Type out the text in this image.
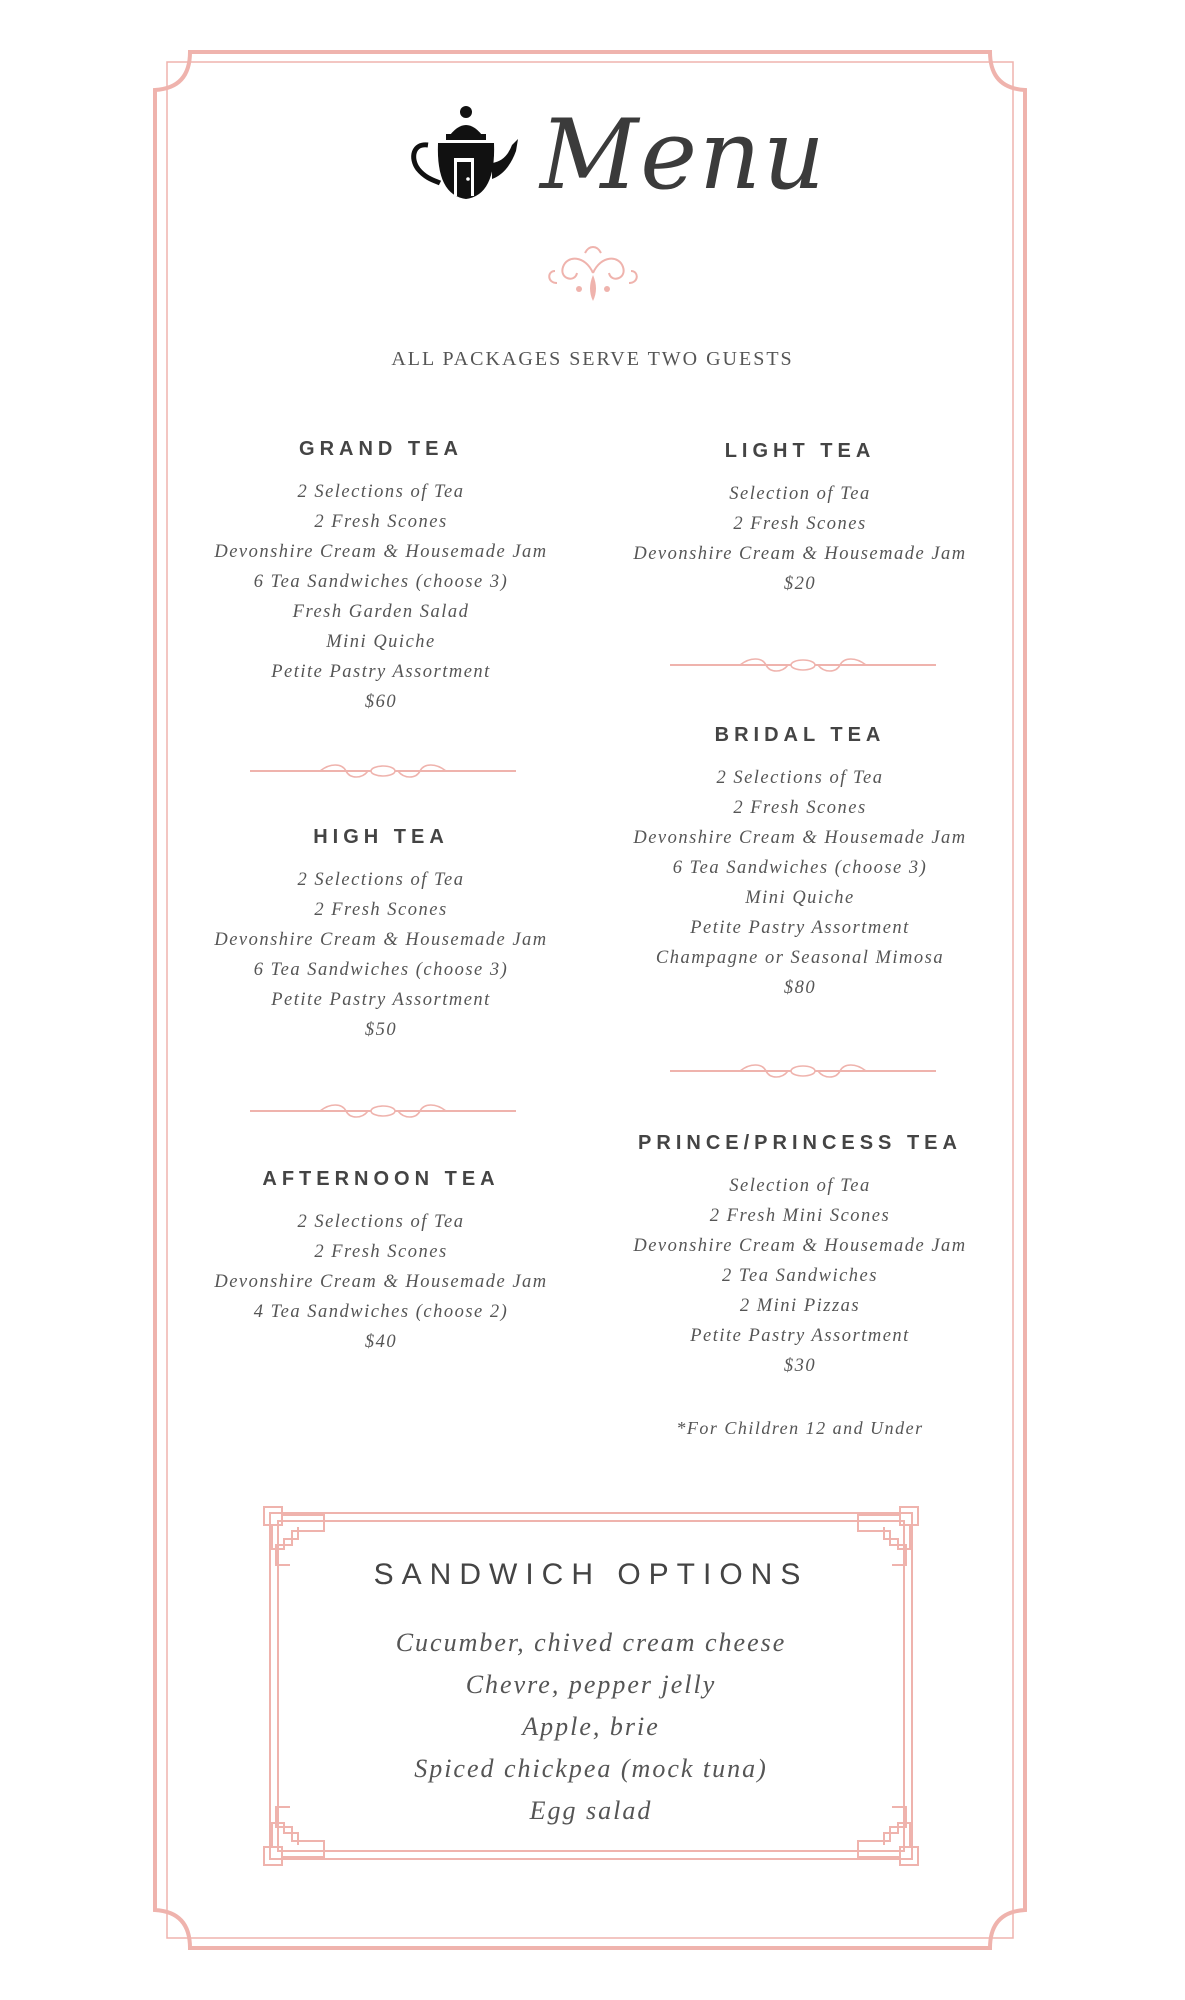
Menu
ALL PACKAGES SERVE TWO GUESTS
GRAND TEA
2 Selections of Tea
2 Fresh Scones
Devonshire Cream & Housemade Jam
6 Tea Sandwiches (choose 3)
Fresh Garden Salad
Mini Quiche
Petite Pastry Assortment
$60
HIGH TEA
2 Selections of Tea
2 Fresh Scones
Devonshire Cream & Housemade Jam
6 Tea Sandwiches (choose 3)
Petite Pastry Assortment
$50
AFTERNOON TEA
2 Selections of Tea
2 Fresh Scones
Devonshire Cream & Housemade Jam
4 Tea Sandwiches (choose 2)
$40
LIGHT TEA
Selection of Tea
2 Fresh Scones
Devonshire Cream & Housemade Jam
$20
BRIDAL TEA
2 Selections of Tea
2 Fresh Scones
Devonshire Cream & Housemade Jam
6 Tea Sandwiches (choose 3)
Mini Quiche
Petite Pastry Assortment
Champagne or Seasonal Mimosa
$80
PRINCE/PRINCESS TEA
Selection of Tea
2 Fresh Mini Scones
Devonshire Cream & Housemade Jam
2 Tea Sandwiches
2 Mini Pizzas
Petite Pastry Assortment
$30
*For Children 12 and Under
SANDWICH OPTIONS
Cucumber, chived cream cheese
Chevre, pepper jelly
Apple, brie
Spiced chickpea (mock tuna)
Egg salad
